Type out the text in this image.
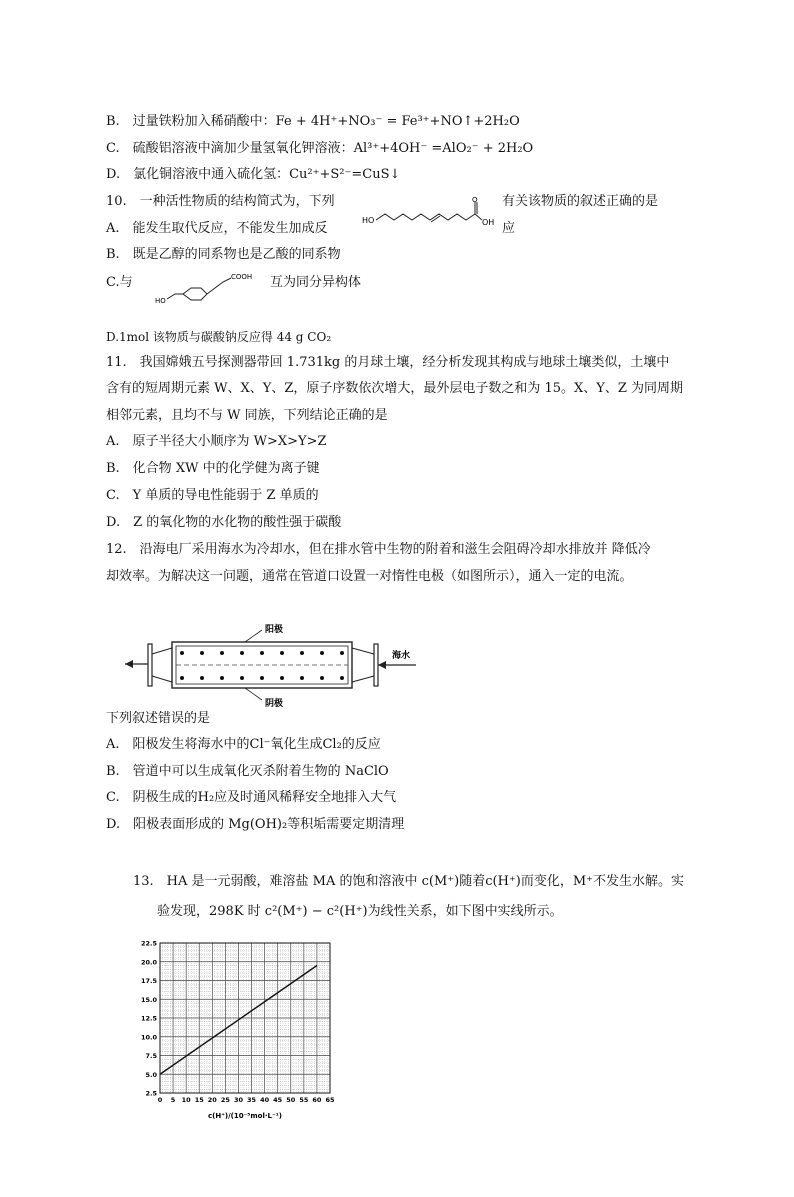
B.　过量铁粉加入稀硝酸中：Fe + 4H⁺+NO₃⁻ = Fe³⁺+NO↑+2H₂O
C.　硫酸铝溶液中滴加少量氢氧化钾溶液：Al³⁺+4OH⁻ =AlO₂⁻ + 2H₂O
D.　氯化铜溶液中通入硫化氢：Cu²⁺+S²⁻=CuS↓
10.　一种活性物质的结构简式为，下列	有关该物质的叙述正确的是
A.　能发生取代反应，不能发生加成反	应
HO
O
OH
B.　既是乙醇的同系物也是乙酸的同系物
C.与
HO
COOH 互为同分异构体
D.1mol 该物质与碳酸钠反应得 44 g CO₂
11.　我国嫦娥五号探测器带回 1.731kg 的月球土壤，经分析发现其构成与地球土壤类似，土壤中
含有的短周期元素 W、X、Y、Z，原子序数依次增大，最外层电子数之和为 15。X、Y、Z 为同周期
相邻元素，且均不与 W 同族，下列结论正确的是
A.　原子半径大小顺序为 W>X>Y>Z
B.　化合物 XW 中的化学健为离子键
C.　Y 单质的导电性能弱于 Z 单质的
D.　Z 的氧化物的水化物的酸性强于碳酸
12.　沿海电厂采用海水为冷却水，但在排水管中生物的附着和滋生会阻碍冷却水排放并 降低冷
却效率。为解决这一问题，通常在管道口设置一对惰性电极（如图所示），通入一定的电流。
阳极
阴极
海水
下列叙述错误的是
A.　阳极发生将海水中的Cl⁻氧化生成Cl₂的反应
B.　管道中可以生成氧化灭杀附着生物的 NaClO
C.　阴极生成的H₂应及时通风稀释安全地排入大气
D.　阳极表面形成的 Mg(OH)₂等积垢需要定期清理
13.　HA 是一元弱酸，难溶盐 MA 的饱和溶液中 c(M⁺)随着c(H⁺)而变化，M⁺不发生水解。实
验发现，298K 时 c²(M⁺) − c²(H⁺)为线性关系，如下图中实线所示。
0 5 10 15 20 25 30 35 40 45 50 55 60 65
2.5
5.0
7.5
10.0
12.5
15.0
17.5
20.0
22.5
c(H⁺)/(10⁻⁵mol·L⁻¹)
